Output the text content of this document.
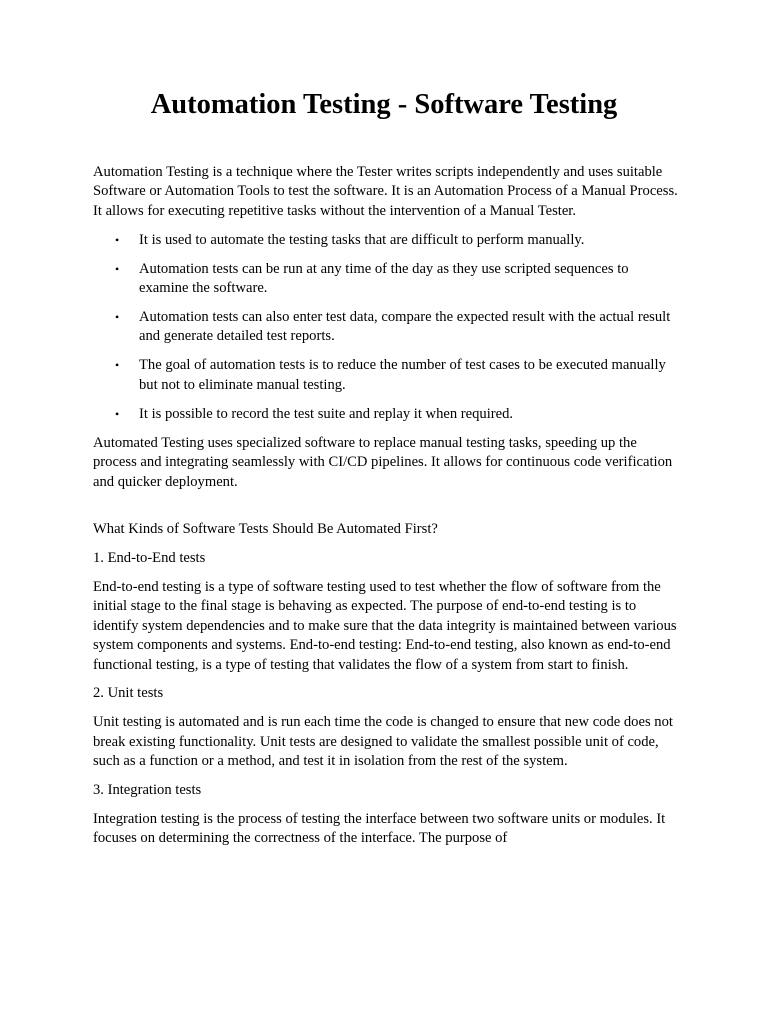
Automation Testing - Software Testing

Automation Testing is a technique where the Tester writes scripts independently and uses suitable Software or Automation Tools to test the software. It is an Automation Process of a Manual Process. It allows for executing repetitive tasks without the intervention of a Manual Tester.

• It is used to automate the testing tasks that are difficult to perform manually.
• Automation tests can be run at any time of the day as they use scripted sequences to examine the software.
• Automation tests can also enter test data, compare the expected result with the actual result and generate detailed test reports.
• The goal of automation tests is to reduce the number of test cases to be executed manually but not to eliminate manual testing.
• It is possible to record the test suite and replay it when required.

Automated Testing uses specialized software to replace manual testing tasks, speeding up the process and integrating seamlessly with CI/CD pipelines. It allows for continuous code verification and quicker deployment.

What Kinds of Software Tests Should Be Automated First?

1. End-to-End tests

End-to-end testing is a type of software testing used to test whether the flow of software from the initial stage to the final stage is behaving as expected. The purpose of end-to-end testing is to identify system dependencies and to make sure that the data integrity is maintained between various system components and systems. End-to-end testing: End-to-end testing, also known as end-to-end functional testing, is a type of testing that validates the flow of a system from start to finish.

2. Unit tests

Unit testing is automated and is run each time the code is changed to ensure that new code does not break existing functionality. Unit tests are designed to validate the smallest possible unit of code, such as a function or a method, and test it in isolation from the rest of the system.

3. Integration tests

Integration testing is the process of testing the interface between two software units or modules. It focuses on determining the correctness of the interface. The purpose of
